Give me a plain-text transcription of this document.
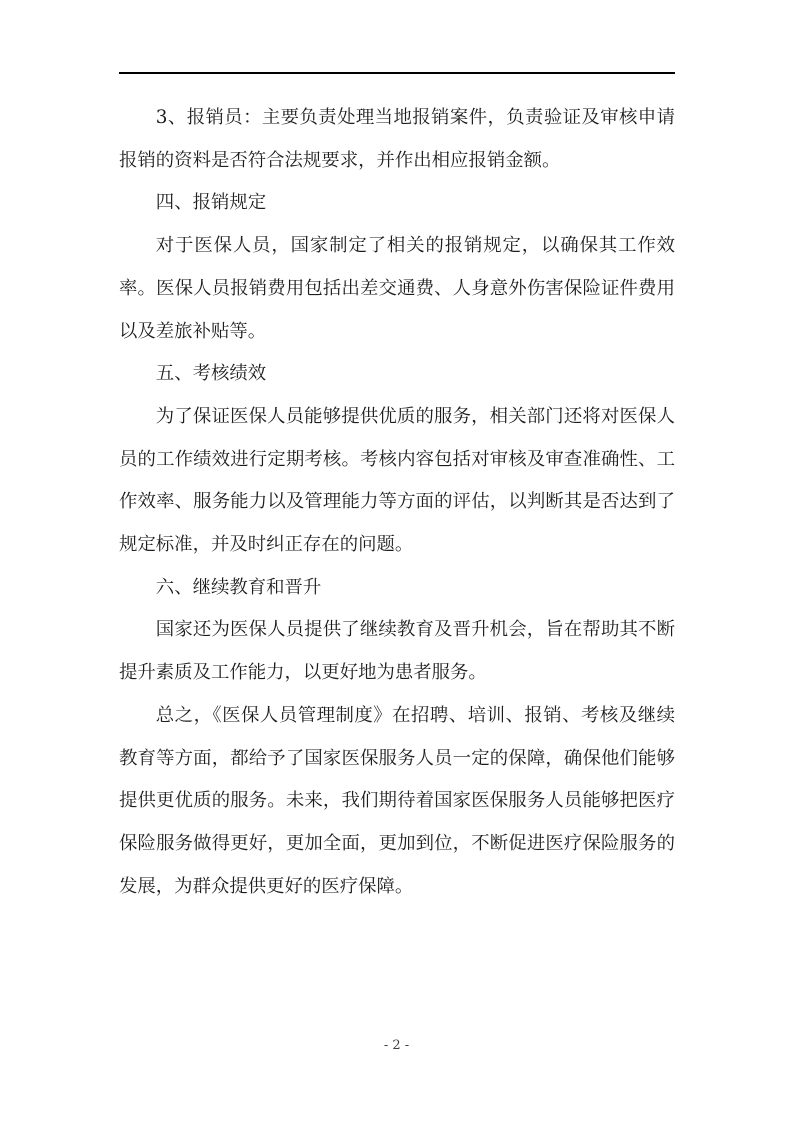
3、报销员：主要负责处理当地报销案件，负责验证及审核申请报销的资料是否符合法规要求，并作出相应报销金额。

四、报销规定

对于医保人员，国家制定了相关的报销规定，以确保其工作效率。医保人员报销费用包括出差交通费、人身意外伤害保险证件费用以及差旅补贴等。

五、考核绩效

为了保证医保人员能够提供优质的服务，相关部门还将对医保人员的工作绩效进行定期考核。考核内容包括对审核及审查准确性、工作效率、服务能力以及管理能力等方面的评估，以判断其是否达到了规定标准，并及时纠正存在的问题。

六、继续教育和晋升

国家还为医保人员提供了继续教育及晋升机会，旨在帮助其不断提升素质及工作能力，以更好地为患者服务。

总之，《医保人员管理制度》在招聘、培训、报销、考核及继续教育等方面，都给予了国家医保服务人员一定的保障，确保他们能够提供更优质的服务。未来，我们期待着国家医保服务人员能够把医疗保险服务做得更好，更加全面，更加到位，不断促进医疗保险服务的发展，为群众提供更好的医疗保障。

- 2 -
